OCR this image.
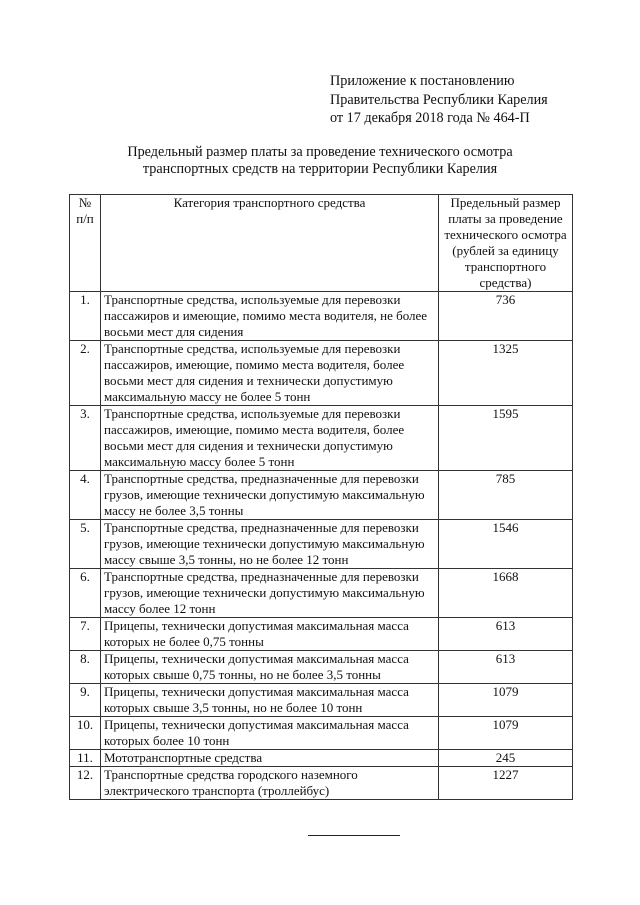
Приложение к постановлению
Правительства Республики Карелия
от 17 декабря 2018 года № 464-П
Предельный размер платы за проведение технического осмотра
транспортных средств на территории Республики Карелия
№ п/п	Категория транспортного средства	Предельный размер платы за проведение технического осмотра (рублей за единицу транспортного средства)
1.	Транспортные средства, используемые для перевозки пассажиров и имеющие, помимо места водителя, не более восьми мест для сидения	736
2.	Транспортные средства, используемые для перевозки пассажиров, имеющие, помимо места водителя, более восьми мест для сидения и технически допустимую максимальную массу не более 5 тонн	1325
3.	Транспортные средства, используемые для перевозки пассажиров, имеющие, помимо места водителя, более восьми мест для сидения и технически допустимую максимальную массу более 5 тонн	1595
4.	Транспортные средства, предназначенные для перевозки грузов, имеющие технически допустимую максимальную массу не более 3,5 тонны	785
5.	Транспортные средства, предназначенные для перевозки грузов, имеющие технически допустимую максимальную массу свыше 3,5 тонны, но не более 12 тонн	1546
6.	Транспортные средства, предназначенные для перевозки грузов, имеющие технически допустимую максимальную массу более 12 тонн	1668
7.	Прицепы, технически допустимая максимальная масса которых не более 0,75 тонны	613
8.	Прицепы, технически допустимая максимальная масса которых свыше 0,75 тонны, но не более 3,5 тонны	613
9.	Прицепы, технически допустимая максимальная масса которых свыше 3,5 тонны, но не более 10 тонн	1079
10.	Прицепы, технически допустимая максимальная масса которых более 10 тонн	1079
11.	Мототранспортные средства	245
12.	Транспортные средства городского наземного электрического транспорта (троллейбус)	1227
